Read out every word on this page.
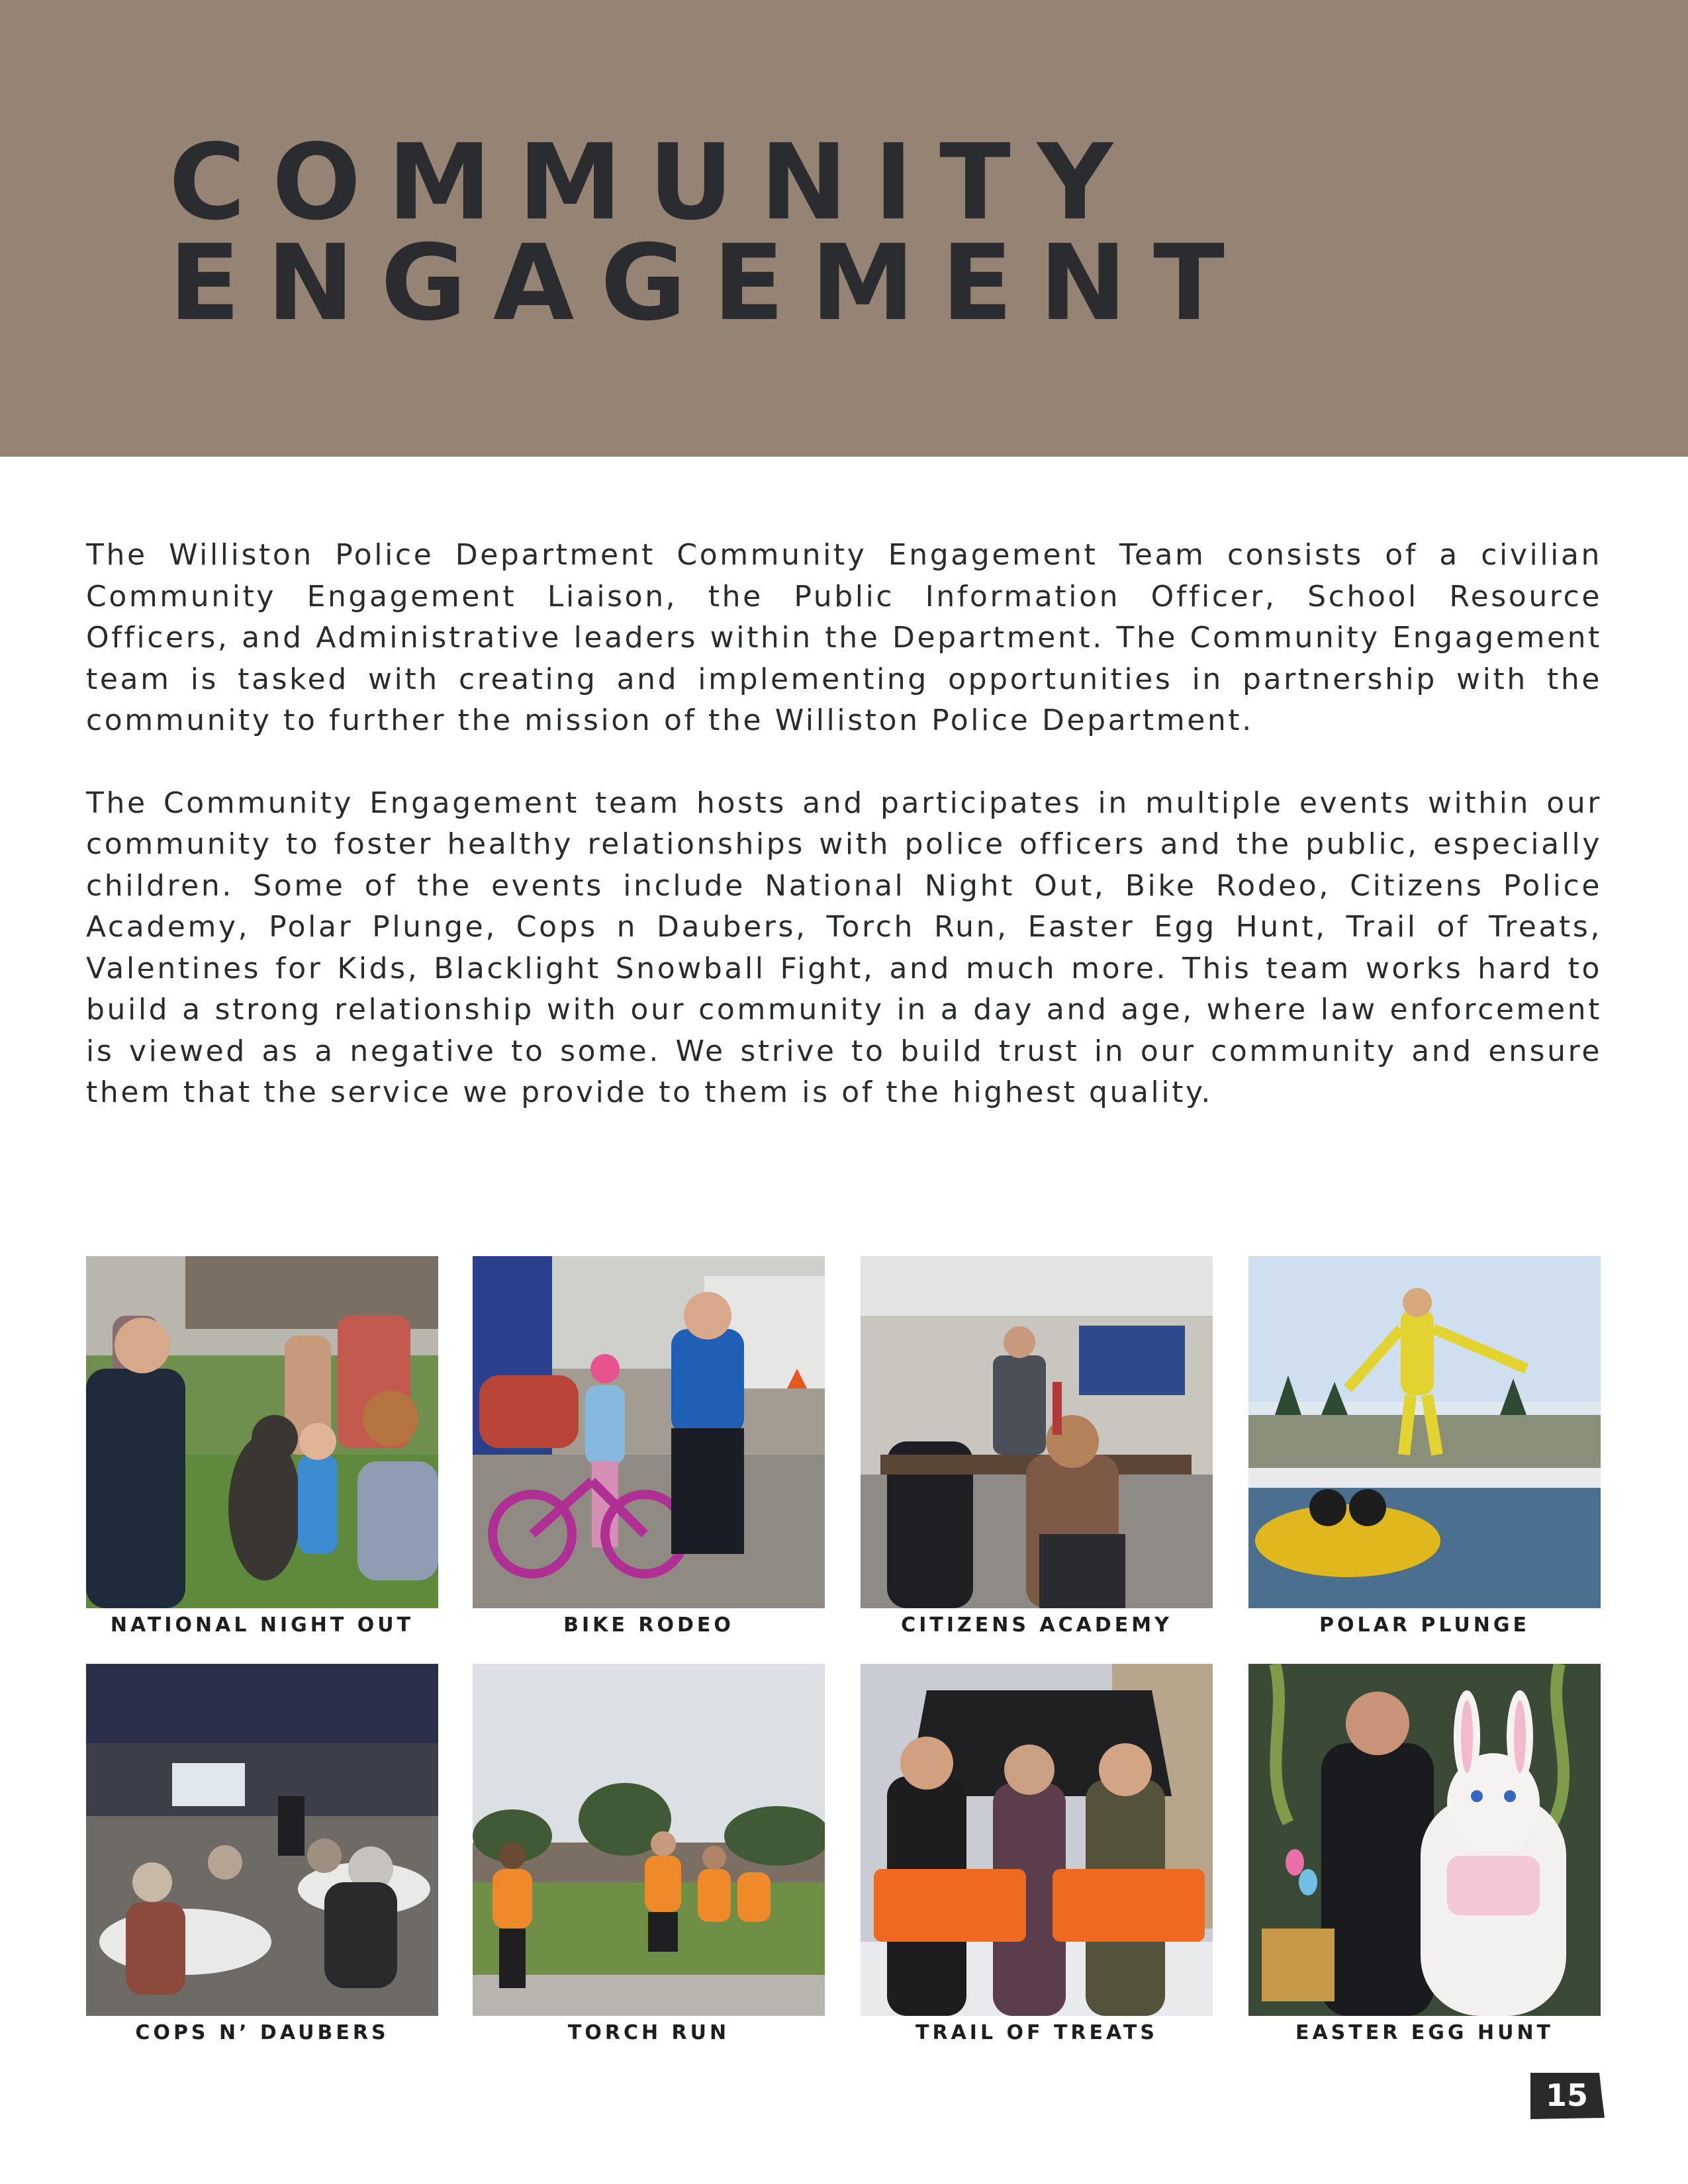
COMMUNITY
ENGAGEMENT

The Williston Police Department Community Engagement Team consists of a civilian Community Engagement Liaison, the Public Information Officer, School Resource Officers, and Administrative leaders within the Department. The Community Engagement team is tasked with creating and implementing opportunities in partnership with the community to further the mission of the Williston Police Department.

The Community Engagement team hosts and participates in multiple events within our community to foster healthy relationships with police officers and the public, especially children. Some of the events include National Night Out, Bike Rodeo, Citizens Police Academy, Polar Plunge, Cops n Daubers, Torch Run, Easter Egg Hunt, Trail of Treats, Valentines for Kids, Blacklight Snowball Fight, and much more. This team works hard to build a strong relationship with our community in a day and age, where law enforcement is viewed as a negative to some. We strive to build trust in our community and ensure them that the service we provide to them is of the highest quality.

NATIONAL NIGHT OUT	BIKE RODEO	CITIZENS ACADEMY	POLAR PLUNGE
COPS N’ DAUBERS	TORCH RUN	TRAIL OF TREATS	EASTER EGG HUNT
15
